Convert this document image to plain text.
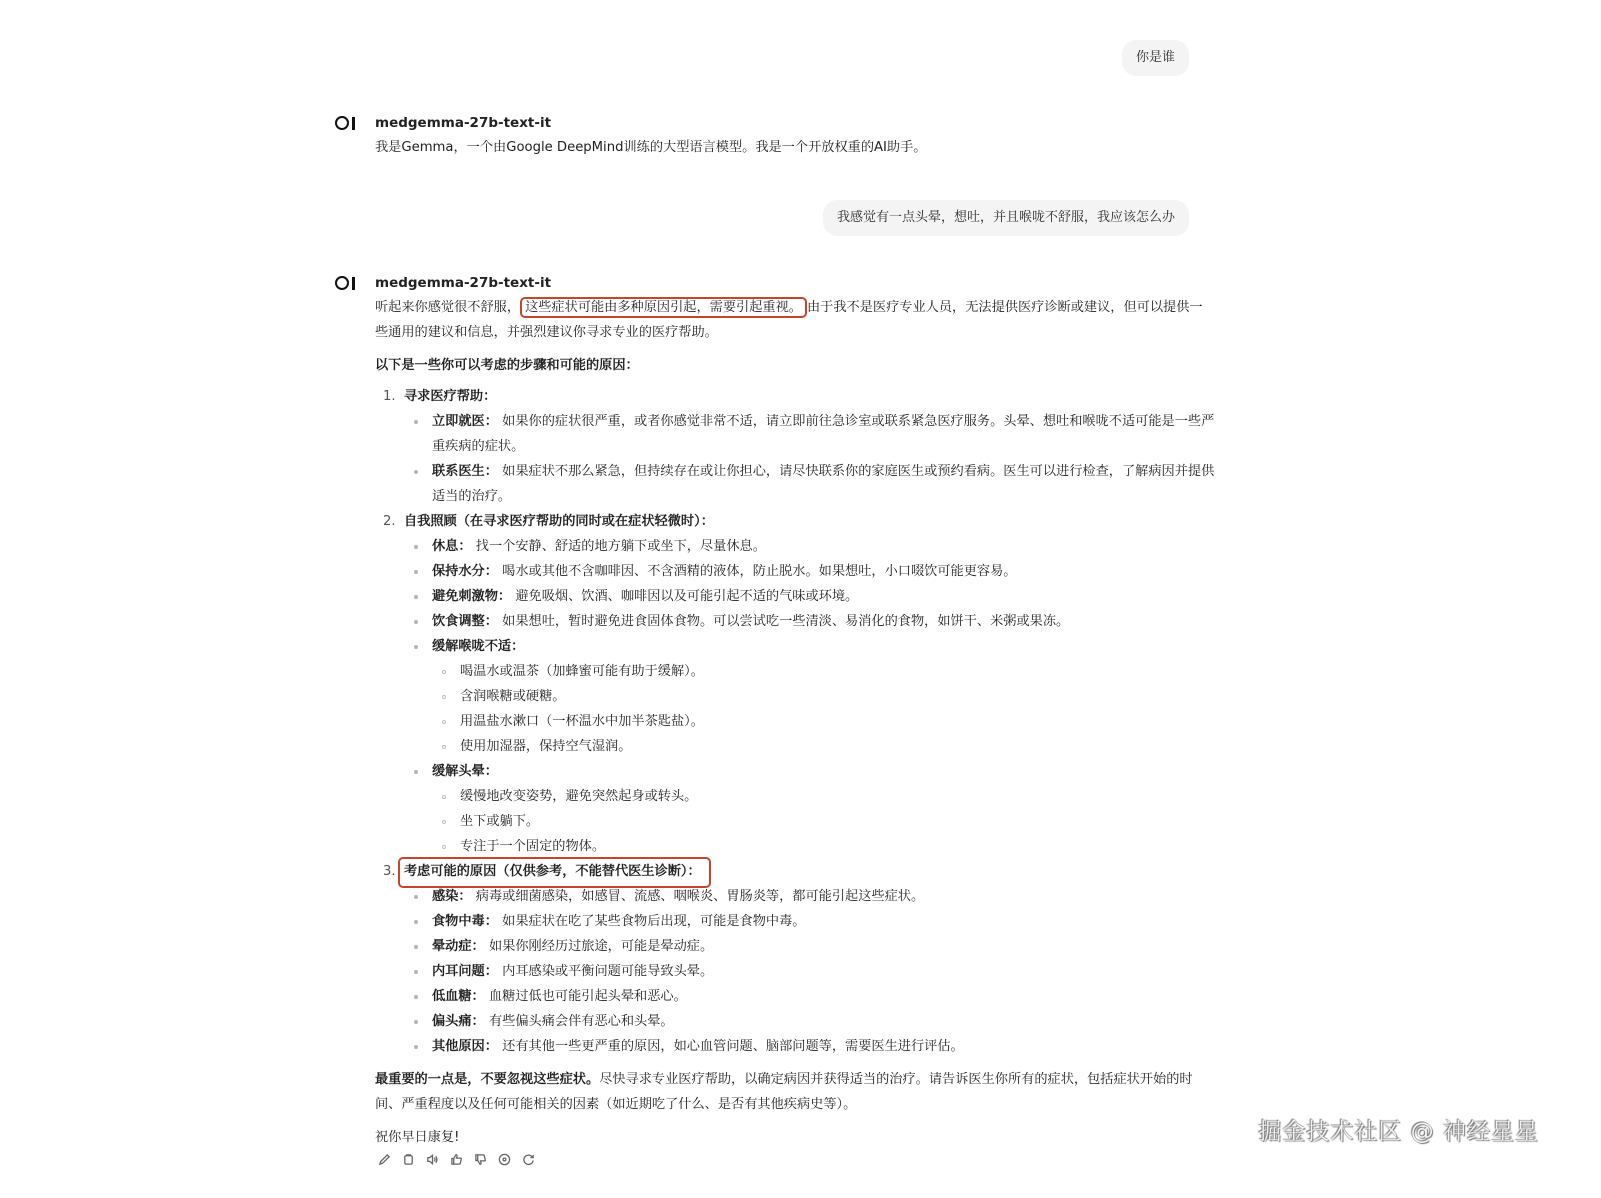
你是谁
medgemma-27b-text-it

我是Gemma，一个由Google DeepMind训练的大型语言模型。我是一个开放权重的AI助手。

我感觉有一点头晕，想吐，并且喉咙不舒服，我应该怎么办
medgemma-27b-text-it

听起来你感觉很不舒服， 这些症状可能由多种原因引起，需要引起重视。 由于我不是医疗专业人员，无法提供医疗诊断或建议，但可以提供一些通用的建议和信息，并强烈建议你寻求专业的医疗帮助。

以下是一些你可以考虑的步骤和可能的原因：

1. 寻求医疗帮助：
立即就医： 如果你的症状很严重，或者你感觉非常不适，请立即前往急诊室或联系紧急医疗服务。头晕、想吐和喉咙不适可能是一些严重疾病的症状。
联系医生： 如果症状不那么紧急，但持续存在或让你担心，请尽快联系你的家庭医生或预约看病。医生可以进行检查，了解病因并提供适当的治疗。
2. 自我照顾（在寻求医疗帮助的同时或在症状轻微时）：
休息： 找一个安静、舒适的地方躺下或坐下，尽量休息。
保持水分： 喝水或其他不含咖啡因、不含酒精的液体，防止脱水。如果想吐，小口啜饮可能更容易。
避免刺激物： 避免吸烟、饮酒、咖啡因以及可能引起不适的气味或环境。
饮食调整： 如果想吐，暂时避免进食固体食物。可以尝试吃一些清淡、易消化的食物，如饼干、米粥或果冻。
缓解喉咙不适：
喝温水或温茶（加蜂蜜可能有助于缓解）。
含润喉糖或硬糖。
用温盐水漱口（一杯温水中加半茶匙盐）。
使用加湿器，保持空气湿润。
缓解头晕：
缓慢地改变姿势，避免突然起身或转头。
坐下或躺下。
专注于一个固定的物体。
3. 考虑可能的原因（仅供参考，不能替代医生诊断）：
感染： 病毒或细菌感染，如感冒、流感、咽喉炎、胃肠炎等，都可能引起这些症状。
食物中毒： 如果症状在吃了某些食物后出现，可能是食物中毒。
晕动症： 如果你刚经历过旅途，可能是晕动症。
内耳问题： 内耳感染或平衡问题可能导致头晕。
低血糖： 血糖过低也可能引起头晕和恶心。
偏头痛： 有些偏头痛会伴有恶心和头晕。
其他原因： 还有其他一些更严重的原因，如心血管问题、脑部问题等，需要医生进行评估。

最重要的一点是，不要忽视这些症状。尽快寻求专业医疗帮助，以确定病因并获得适当的治疗。请告诉医生你所有的症状，包括症状开始的时间、严重程度以及任何可能相关的因素（如近期吃了什么、是否有其他疾病史等）。

祝你早日康复!	掘金技术社区 @ 神经星星
